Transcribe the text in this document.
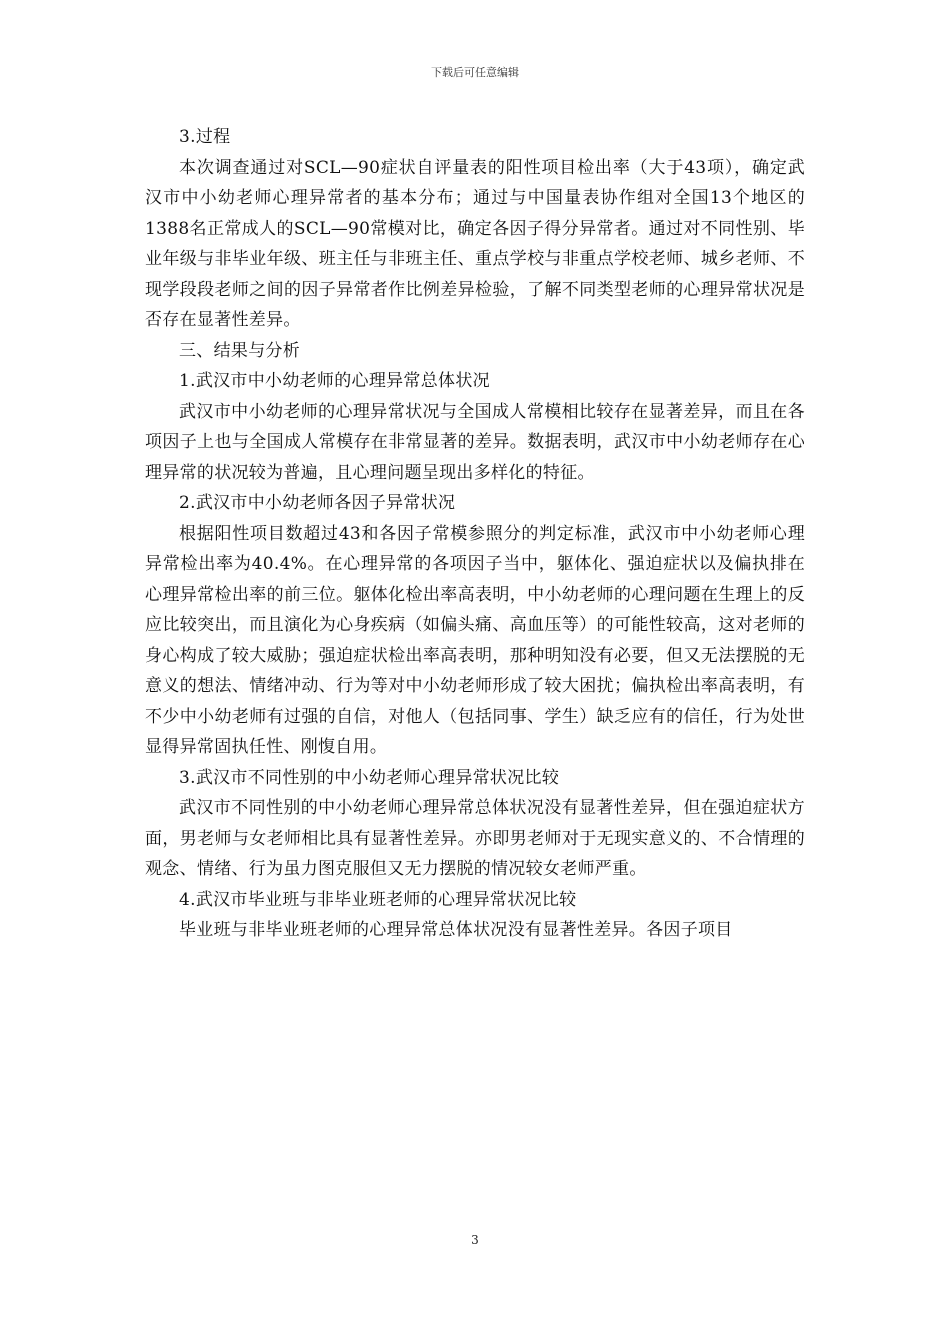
下载后可任意编辑

3.过程

本次调查通过对SCL—90症状自评量表的阳性项目检出率（大于43项），确定武汉市中小幼老师心理异常者的基本分布；通过与中国量表协作组对全国13个地区的1388名正常成人的SCL—90常模对比，确定各因子得分异常者。通过对不同性别、毕业年级与非毕业年级、班主任与非班主任、重点学校与非重点学校老师、城乡老师、不现学段段老师之间的因子异常者作比例差异检验，了解不同类型老师的心理异常状况是否存在显著性差异。

三、结果与分析

1.武汉市中小幼老师的心理异常总体状况

武汉市中小幼老师的心理异常状况与全国成人常模相比较存在显著差异，而且在各项因子上也与全国成人常模存在非常显著的差异。数据表明，武汉市中小幼老师存在心理异常的状况较为普遍，且心理问题呈现出多样化的特征。

2.武汉市中小幼老师各因子异常状况

根据阳性项目数超过43和各因子常模参照分的判定标准，武汉市中小幼老师心理异常检出率为40.4%。在心理异常的各项因子当中，躯体化、强迫症状以及偏执排在心理异常检出率的前三位。躯体化检出率高表明，中小幼老师的心理问题在生理上的反应比较突出，而且演化为心身疾病（如偏头痛、高血压等）的可能性较高，这对老师的身心构成了较大威胁；强迫症状检出率高表明，那种明知没有必要，但又无法摆脱的无意义的想法、情绪冲动、行为等对中小幼老师形成了较大困扰；偏执检出率高表明，有不少中小幼老师有过强的自信，对他人（包括同事、学生）缺乏应有的信任，行为处世显得异常固执任性、刚愎自用。

3.武汉市不同性别的中小幼老师心理异常状况比较

武汉市不同性别的中小幼老师心理异常总体状况没有显著性差异，但在强迫症状方面，男老师与女老师相比具有显著性差异。亦即男老师对于无现实意义的、不合情理的观念、情绪、行为虽力图克服但又无力摆脱的情况较女老师严重。

4.武汉市毕业班与非毕业班老师的心理异常状况比较

毕业班与非毕业班老师的心理异常总体状况没有显著性差异。各因子项目

3
